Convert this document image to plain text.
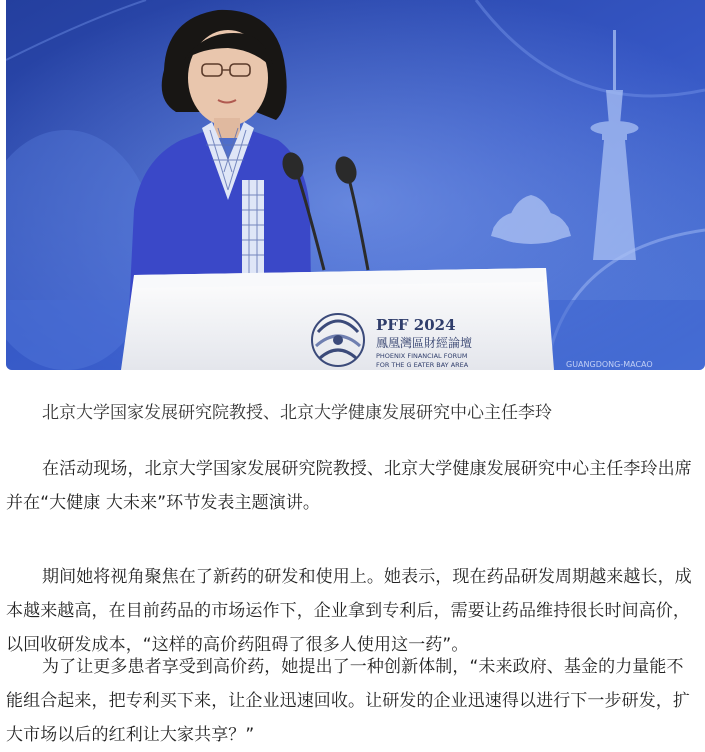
PFF 2024
鳳凰灣區財經論壇
PHOENIX FINANCIAL FORUM
FOR THE G EATER BAY AREA	GUANGDONG-MACAO
北京大学国家发展研究院教授、北京大学健康发展研究中心主任李玲

在活动现场，北京大学国家发展研究院教授、北京大学健康发展研究中心主任李玲出席并在“大健康 大未来”环节发表主题演讲。

期间她将视角聚焦在了新药的研发和使用上。她表示，现在药品研发周期越来越长，成本越来越高，在目前药品的市场运作下，企业拿到专利后，需要让药品维持很长时间高价，以回收研发成本，“这样的高价药阻碍了很多人使用这一药”。

为了让更多患者享受到高价药，她提出了一种创新体制，“未来政府、基金的力量能不能组合起来，把专利买下来，让企业迅速回收。让研发的企业迅速得以进行下一步研发，扩大市场以后的红利让大家共享？”
